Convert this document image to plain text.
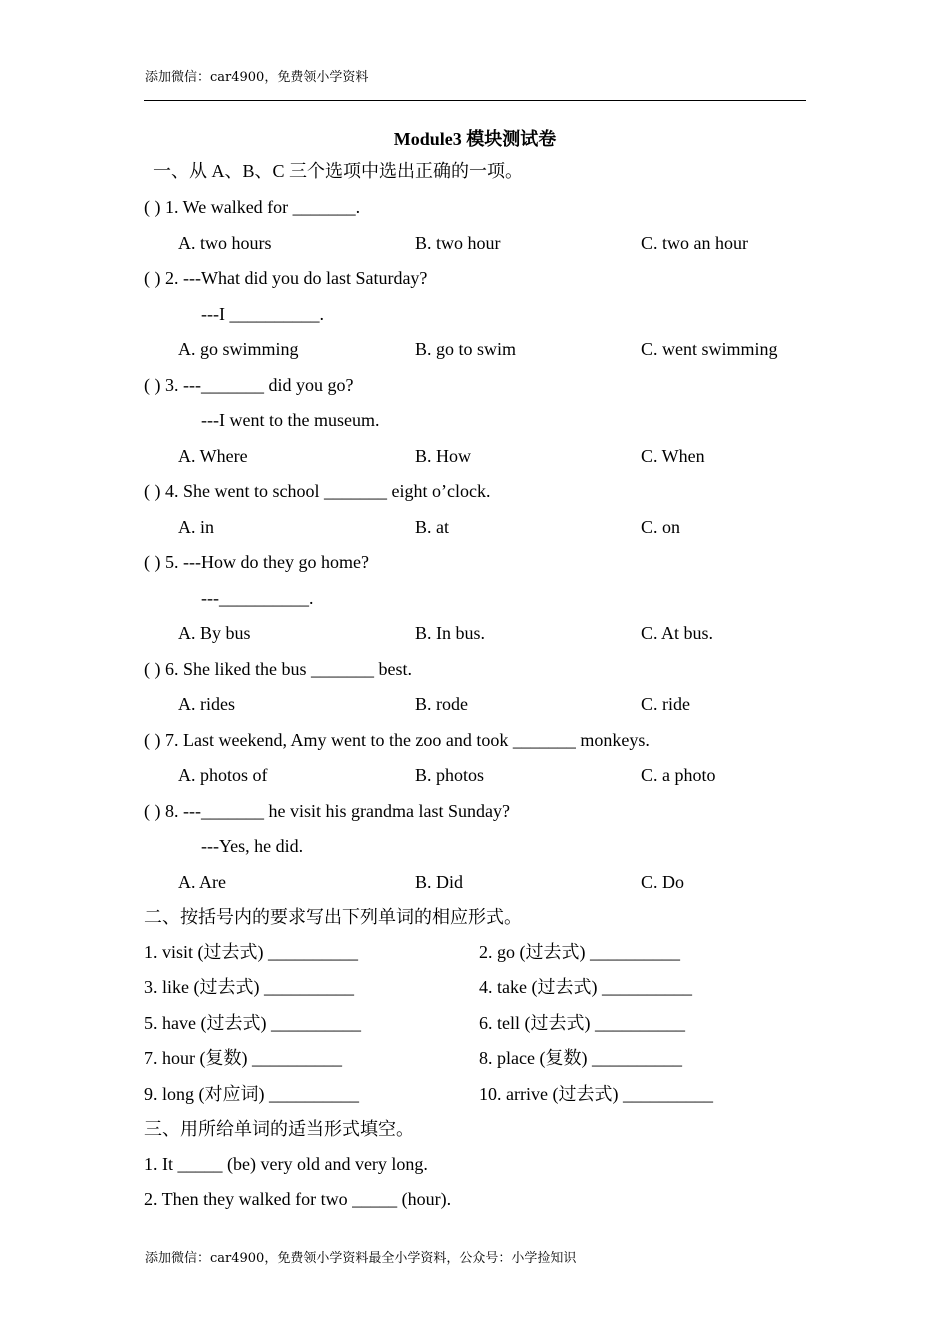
添加微信：car4900，免费领小学资料
Module3 模块测试卷
一、从 A、B、C 三个选项中选出正确的一项。
( ) 1. We walked for _______.
A. two hours	B. two hour	C. two an hour
( ) 2. ---What did you do last Saturday?
---I __________.
A. go swimming	B. go to swim	C. went swimming
( ) 3. ---_______ did you go?
---I went to the museum.
A. Where	B. How	C. When
( ) 4. She went to school _______ eight o’clock.
A. in	B. at	C. on
( ) 5. ---How do they go home?
---__________.
A. By bus	B. In bus.	C. At bus.
( ) 6. She liked the bus _______ best.
A. rides	B. rode	C. ride
( ) 7. Last weekend, Amy went to the zoo and took _______ monkeys.
A. photos of	B. photos	C. a photo
( ) 8. ---_______ he visit his grandma last Sunday?
---Yes, he did.
A. Are	B. Did	C. Do
二、按括号内的要求写出下列单词的相应形式。
1. visit (过去式) __________	2. go (过去式) __________
3. like (过去式) __________	4. take (过去式) __________
5. have (过去式) __________	6. tell (过去式) __________
7. hour (复数) __________	8. place (复数) __________
9. long (对应词) __________	10. arrive (过去式) __________
三、用所给单词的适当形式填空。
1. It _____ (be) very old and very long.
2. Then they walked for two _____ (hour).
添加微信：car4900，免费领小学资料最全小学资料，公众号：小学捡知识
